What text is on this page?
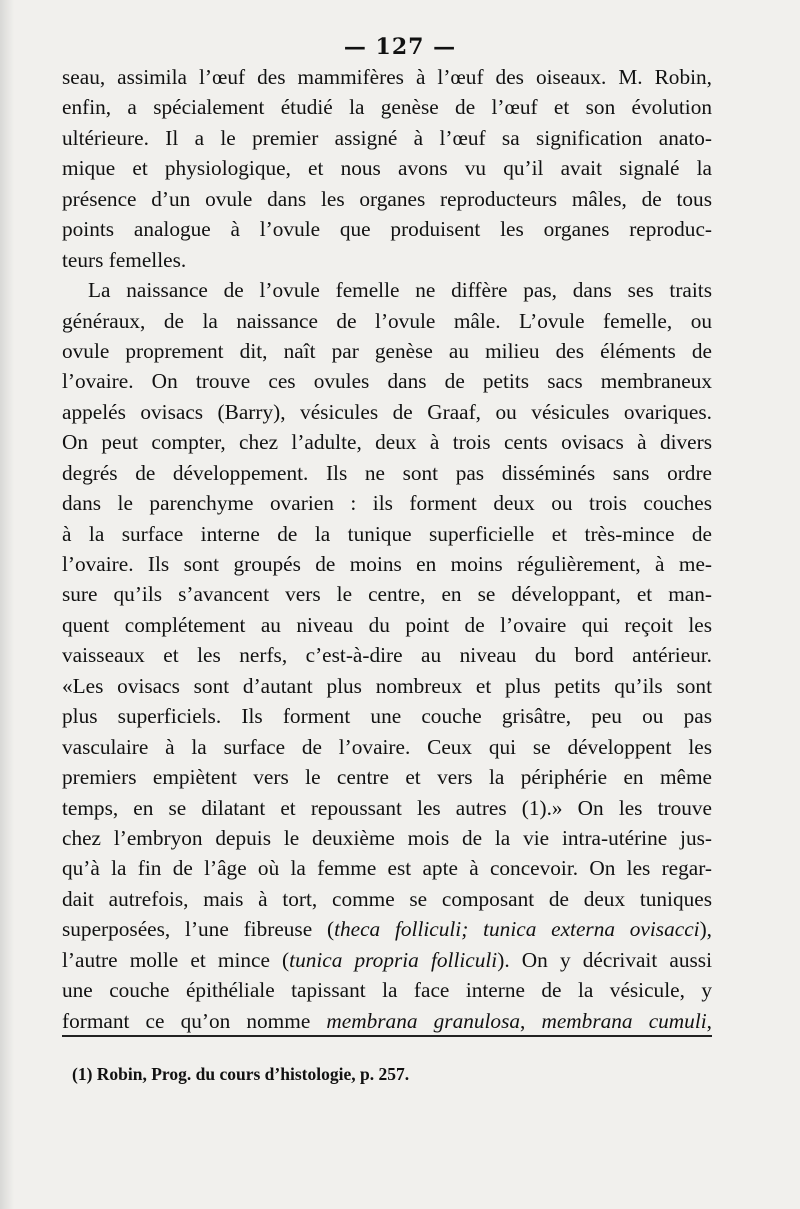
— 127 —
seau, assimila l’œuf des mammifères à l’œuf des oiseaux. M. Robin,
enfin, a spécialement étudié la genèse de l’œuf et son évolution
ultérieure. Il a le premier assigné à l’œuf sa signification anato-
mique et physiologique, et nous avons vu qu’il avait signalé la
présence d’un ovule dans les organes reproducteurs mâles, de tous
points analogue à l’ovule que produisent les organes reproduc-
teurs femelles.
La naissance de l’ovule femelle ne diffère pas, dans ses traits
généraux, de la naissance de l’ovule mâle. L’ovule femelle, ou
ovule proprement dit, naît par genèse au milieu des éléments de
l’ovaire. On trouve ces ovules dans de petits sacs membraneux
appelés ovisacs (Barry), vésicules de Graaf, ou vésicules ovariques.
On peut compter, chez l’adulte, deux à trois cents ovisacs à divers
degrés de développement. Ils ne sont pas disséminés sans ordre
dans le parenchyme ovarien : ils forment deux ou trois couches
à la surface interne de la tunique superficielle et très-mince de
l’ovaire. Ils sont groupés de moins en moins régulièrement, à me-
sure qu’ils s’avancent vers le centre, en se développant, et man-
quent complétement au niveau du point de l’ovaire qui reçoit les
vaisseaux et les nerfs, c’est-à-dire au niveau du bord antérieur.
«Les ovisacs sont d’autant plus nombreux et plus petits qu’ils sont
plus superficiels. Ils forment une couche grisâtre, peu ou pas
vasculaire à la surface de l’ovaire. Ceux qui se développent les
premiers empiètent vers le centre et vers la périphérie en même
temps, en se dilatant et repoussant les autres (1).» On les trouve
chez l’embryon depuis le deuxième mois de la vie intra-utérine jus-
qu’à la fin de l’âge où la femme est apte à concevoir. On les regar-
dait autrefois, mais à tort, comme se composant de deux tuniques
superposées, l’une fibreuse (theca folliculi; tunica externa ovisacci),
l’autre molle et mince (tunica propria folliculi). On y décrivait aussi
une couche épithéliale tapissant la face interne de la vésicule, y
formant ce qu’on nomme membrana granulosa, membrana cumuli,
(1) Robin, Prog. du cours d’histologie, p. 257.
